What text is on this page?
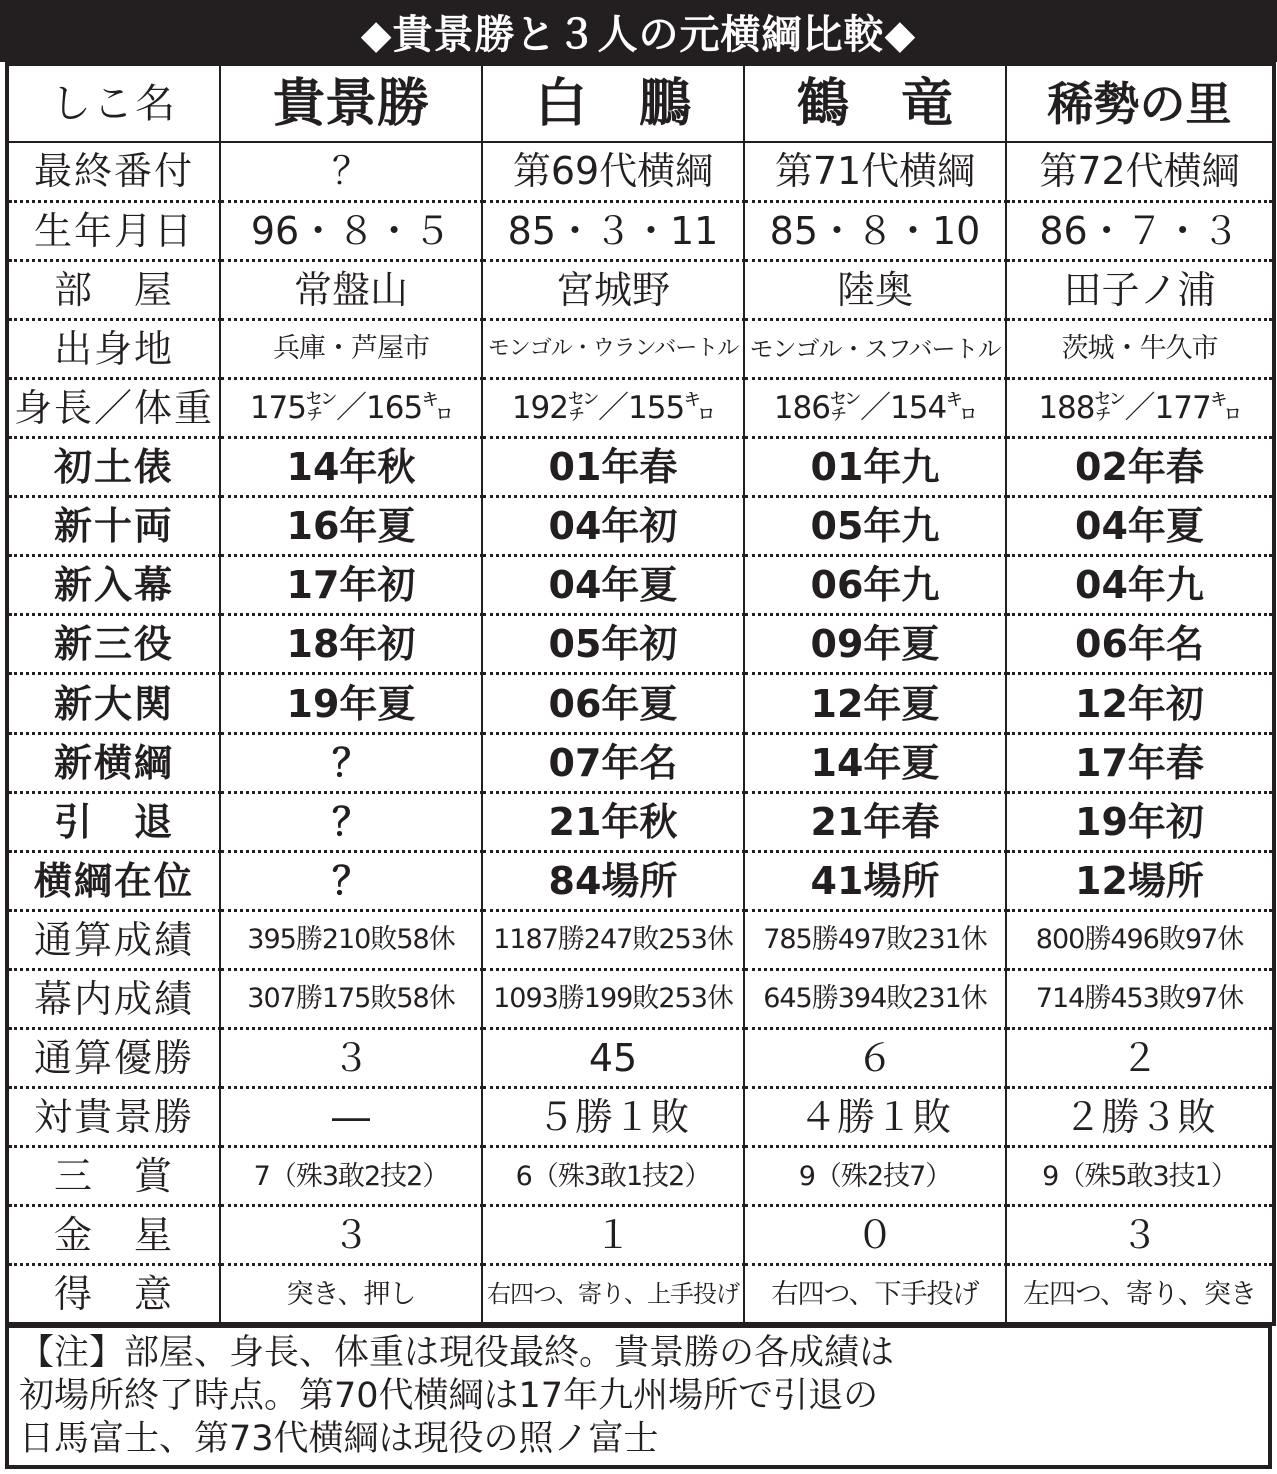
◆貴景勝と３人の元横綱比較◆
しこ名	貴景勝	白　鵬	鶴　竜	稀勢の里
最終番付	？	第69代横綱	第71代横綱	第72代横綱
生年月日	96・８・５	85・３・11	85・８・10	86・７・３
部　屋	常盤山	宮城野	陸奥	田子ノ浦
出身地	兵庫・芦屋市	モンゴル・ウランバートル	モンゴル・スフバートル	茨城・牛久市
身長／体重	175㌢／165㌔	192㌢／155㌔	186㌢／154㌔	188㌢／177㌔
初土俵	14年秋	01年春	01年九	02年春
新十両	16年夏	04年初	05年九	04年夏
新入幕	17年初	04年夏	06年九	04年九
新三役	18年初	05年初	09年夏	06年名
新大関	19年夏	06年夏	12年夏	12年初
新横綱	？	07年名	14年夏	17年春
引　退	？	21年秋	21年春	19年初
横綱在位	？	84場所	41場所	12場所
通算成績	395勝210敗58休	1187勝247敗253休	785勝497敗231休	800勝496敗97休
幕内成績	307勝175敗58休	1093勝199敗253休	645勝394敗231休	714勝453敗97休
通算優勝	３	45	６	２
対貴景勝	―	５勝１敗	４勝１敗	２勝３敗
三　賞	7（殊3敢2技2）	6（殊3敢1技2）	9（殊2技7）	9（殊5敢3技1）
金　星	３	１	０	３
得　意	突き、押し	右四つ、寄り、上手投げ	右四つ、下手投げ	左四つ、寄り、突き
【注】部屋、身長、体重は現役最終。貴景勝の各成績は
初場所終了時点。第70代横綱は17年九州場所で引退の
日馬富士、第73代横綱は現役の照ノ富士
